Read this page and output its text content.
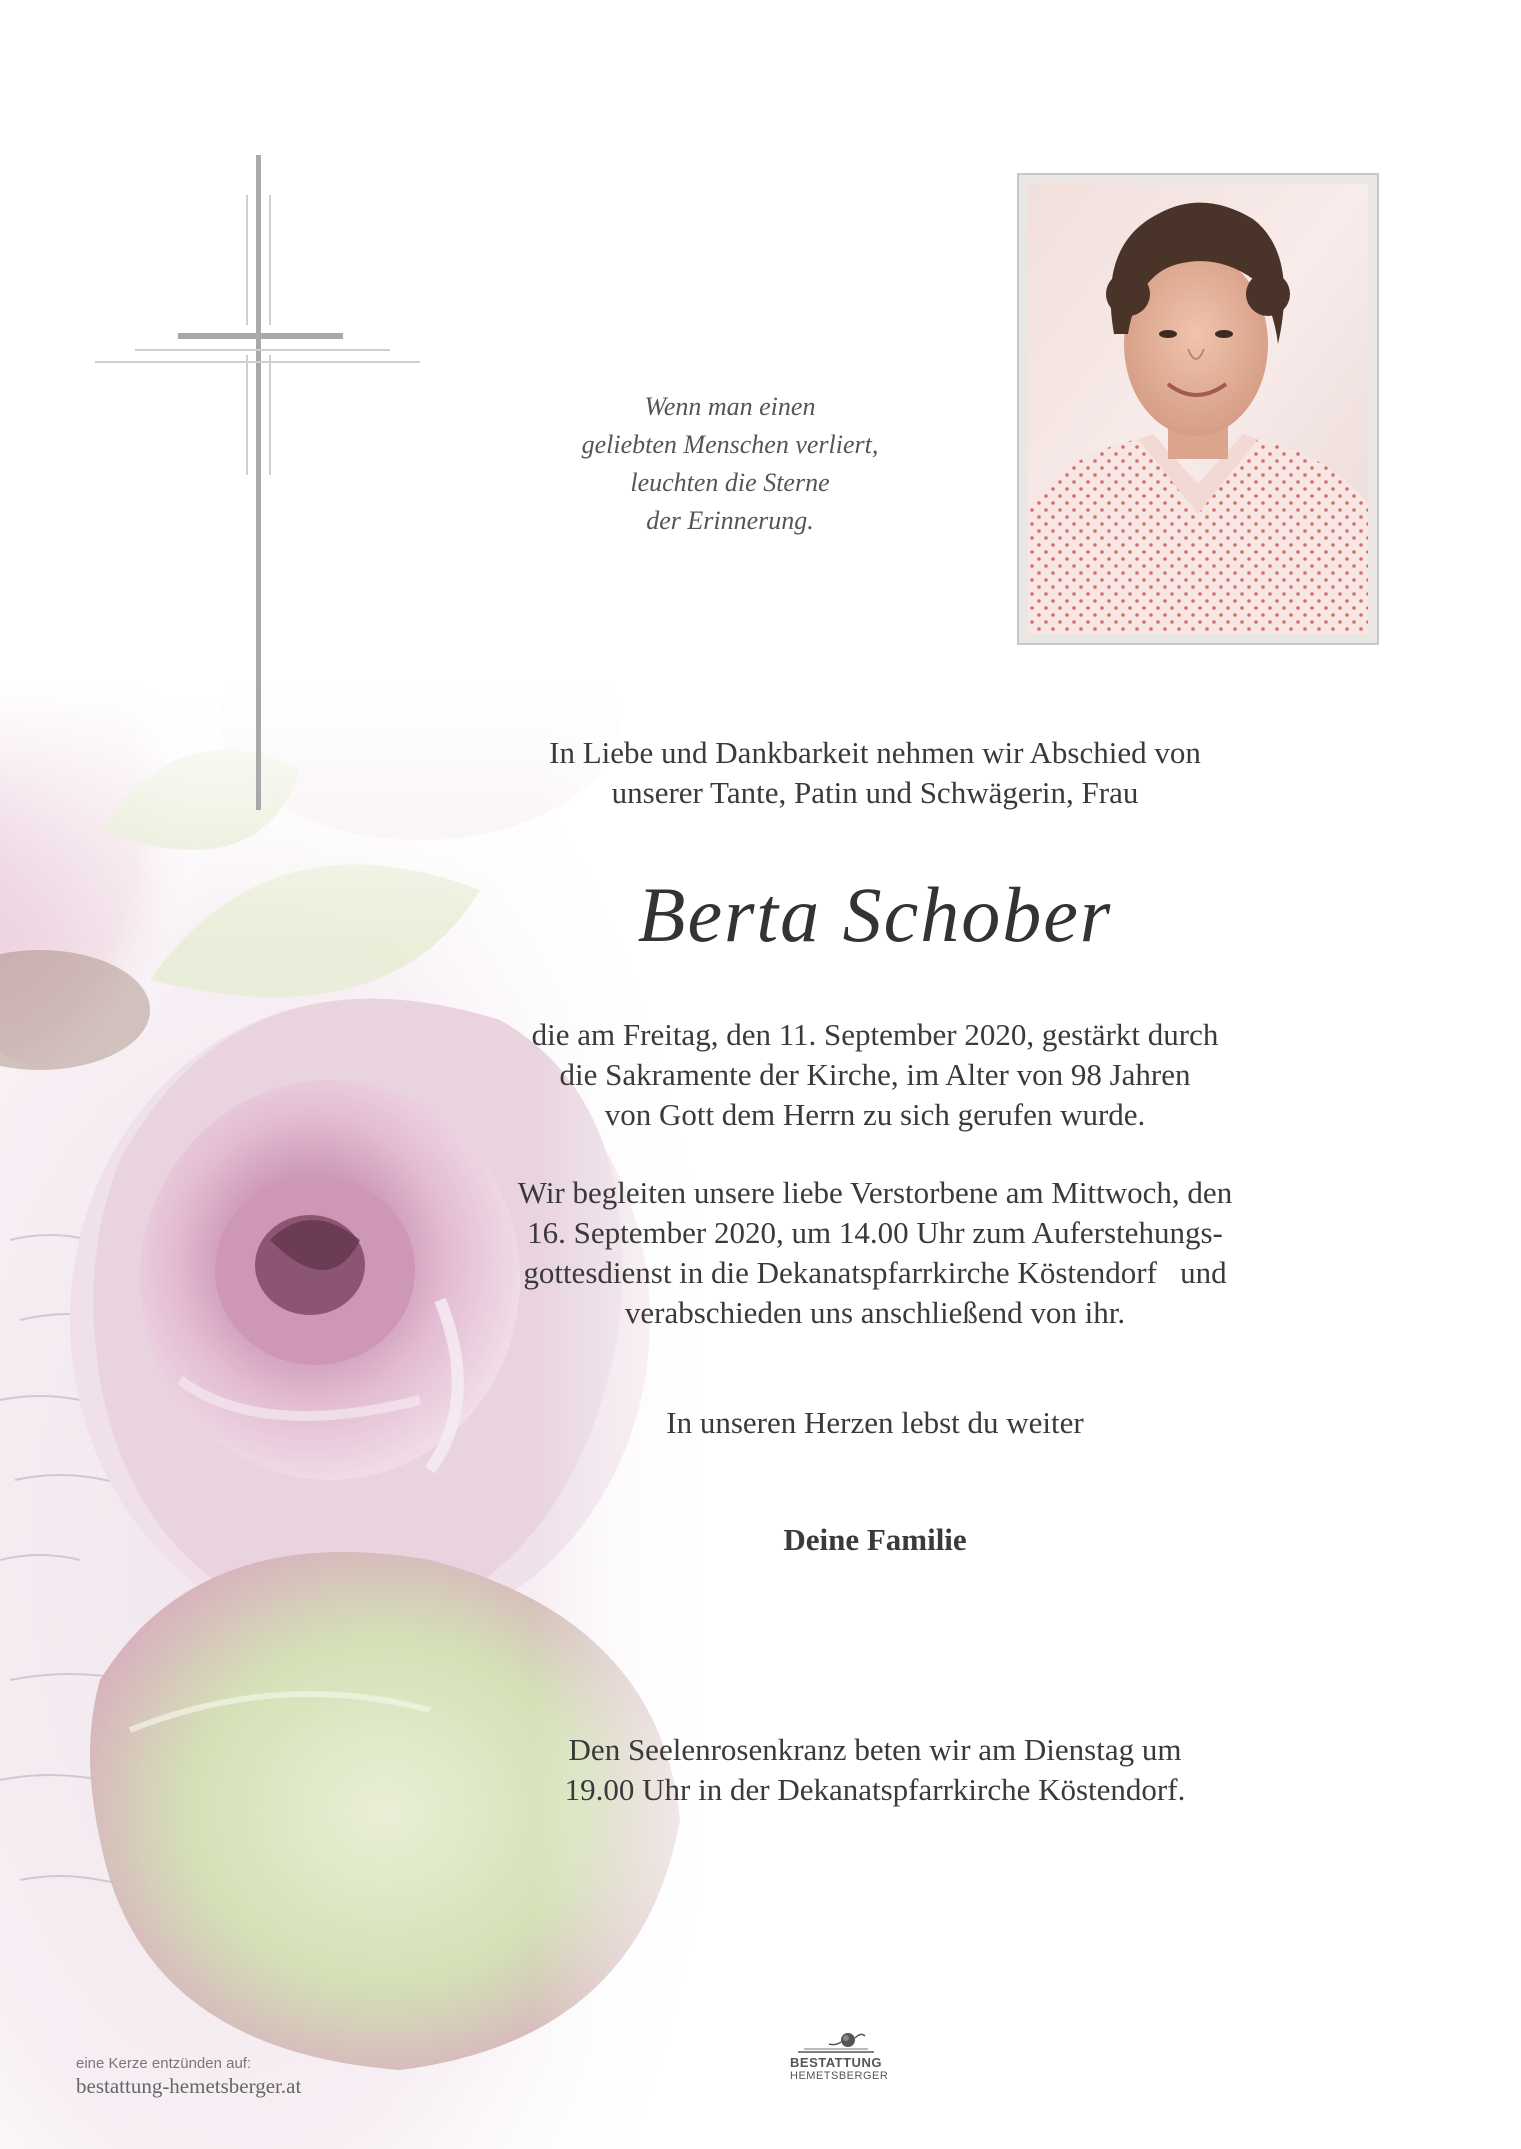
Wenn man einen
geliebten Menschen verliert,
leuchten die Sterne
der Erinnerung.
In Liebe und Dankbarkeit nehmen wir Abschied von
unserer Tante, Patin und Schwägerin, Frau
Berta Schober
die am Freitag, den 11. September 2020, gestärkt durch
die Sakramente der Kirche, im Alter von 98 Jahren
von Gott dem Herrn zu sich gerufen wurde.
Wir begleiten unsere liebe Verstorbene am Mittwoch, den
16. September 2020, um 14.00 Uhr zum Auferstehungs-
gottesdienst in die Dekanatspfarrkirche Köstendorf   und
verabschieden uns anschließend von ihr.
In unseren Herzen lebst du weiter
Deine Familie
Den Seelenrosenkranz beten wir am Dienstag um
19.00 Uhr in der Dekanatspfarrkirche Köstendorf.
eine Kerze entzünden auf:
bestattung-hemetsberger.at
BESTATTUNG
HEMETSBERGER
